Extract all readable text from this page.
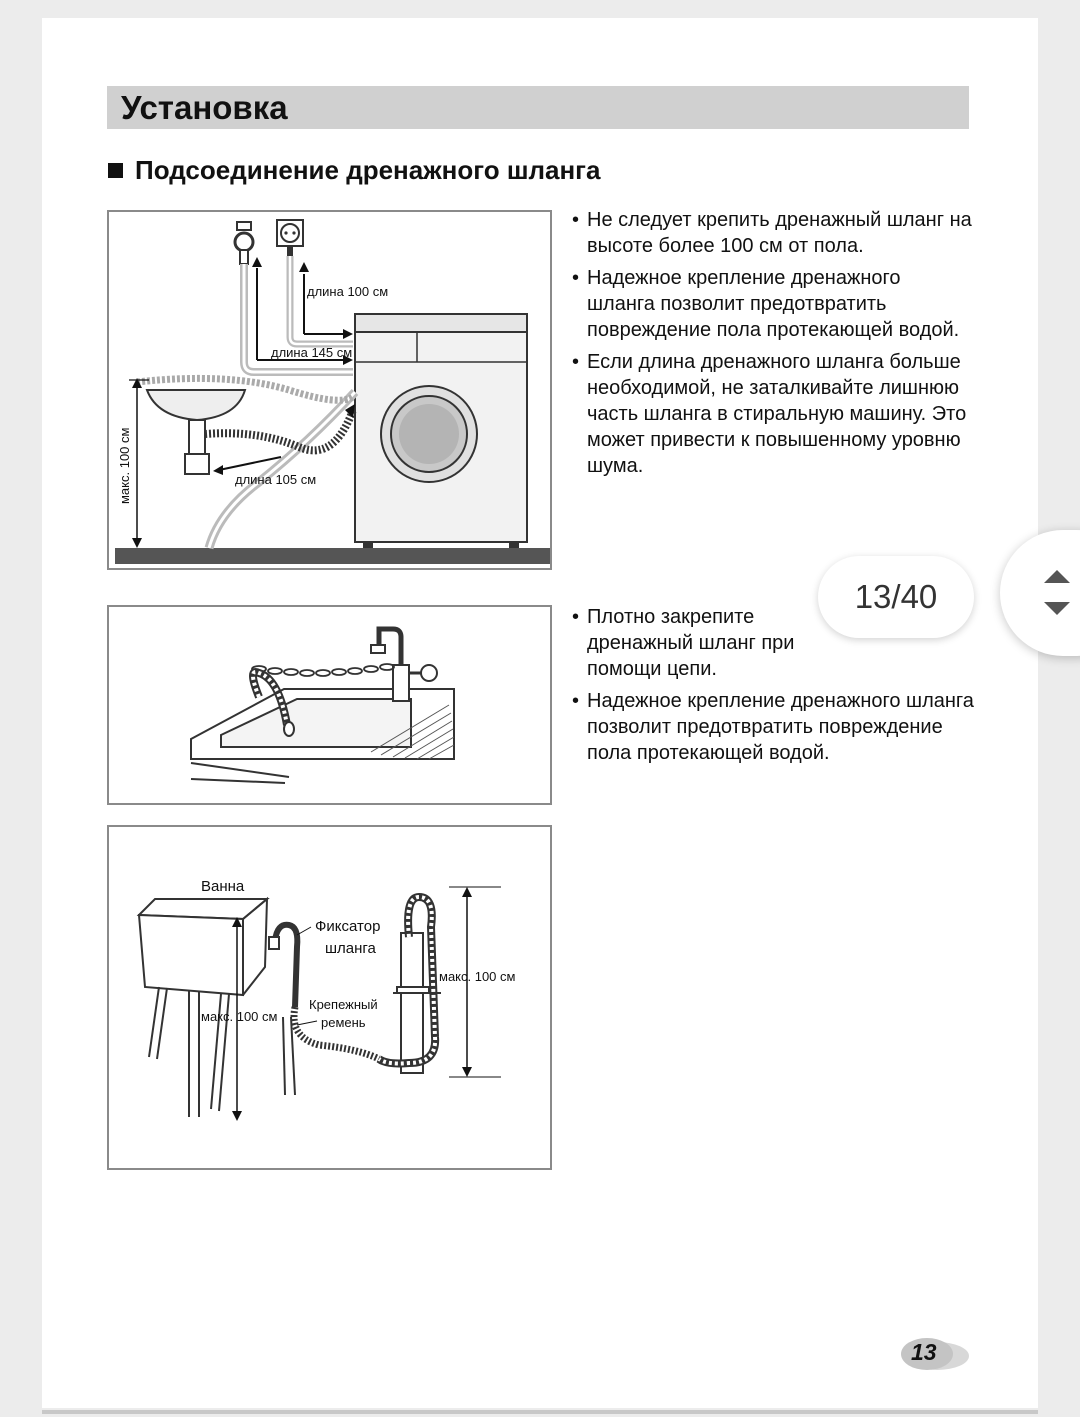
Установка
Подсоединение дренажного шланга
длина 100 см
длина 145 см
длина 105 см
макс. 100 см
• Не следует крепить дренажный шланг на высоте более 100 см от пола.
• Надежное крепление дренажного шланга позволит предотвратить повреждение пола протекающей водой.
• Если длина дренажного шланга больше необходимой, не заталкивайте лишнюю часть шланга в стиральную машину. Это может привести к повышенному уровню шума.
• Плотно закрепите дренажный шланг при помощи цепи.
• Надежное крепление дренажного шланга позволит предотвратить повреждение пола протекающей водой.
Ванна
макс. 100 см
Фиксатор
шланга
Крепежный
ремень
макс. 100 см
13/40
13
